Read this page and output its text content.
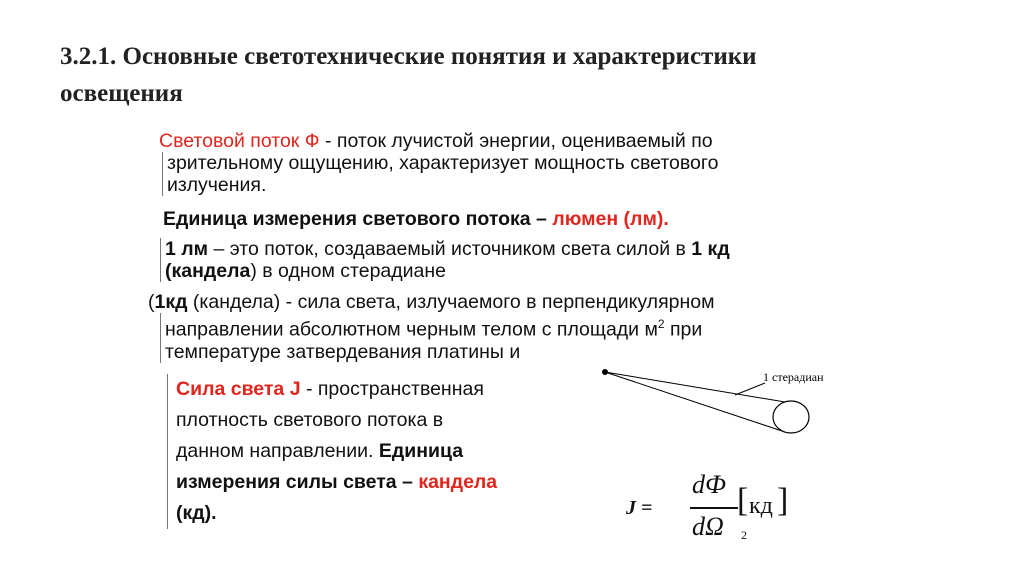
3.2.1. Основные светотехнические понятия и характеристики
освещения
Световой поток Ф - поток лучистой энергии, оцениваемый по
зрительному ощущению, характеризует мощность светового
излучения.
Единица измерения светового потока – люмен (лм).
1 лм – это поток, создаваемый источником света силой в 1 кд
(кандела) в одном стерадиане
(1кд (кандела) - сила света, излучаемого в перпендикулярном
направлении абсолютном черным телом с площади $м^2$ при
температуре затвердевания платины и
Сила света J - пространственная
плотность светового потока в
данном направлении. Единица
измерения силы света – кандела
(кд).
1 стерадиан
J =
dФ
dΩ
[ кд ]
2
